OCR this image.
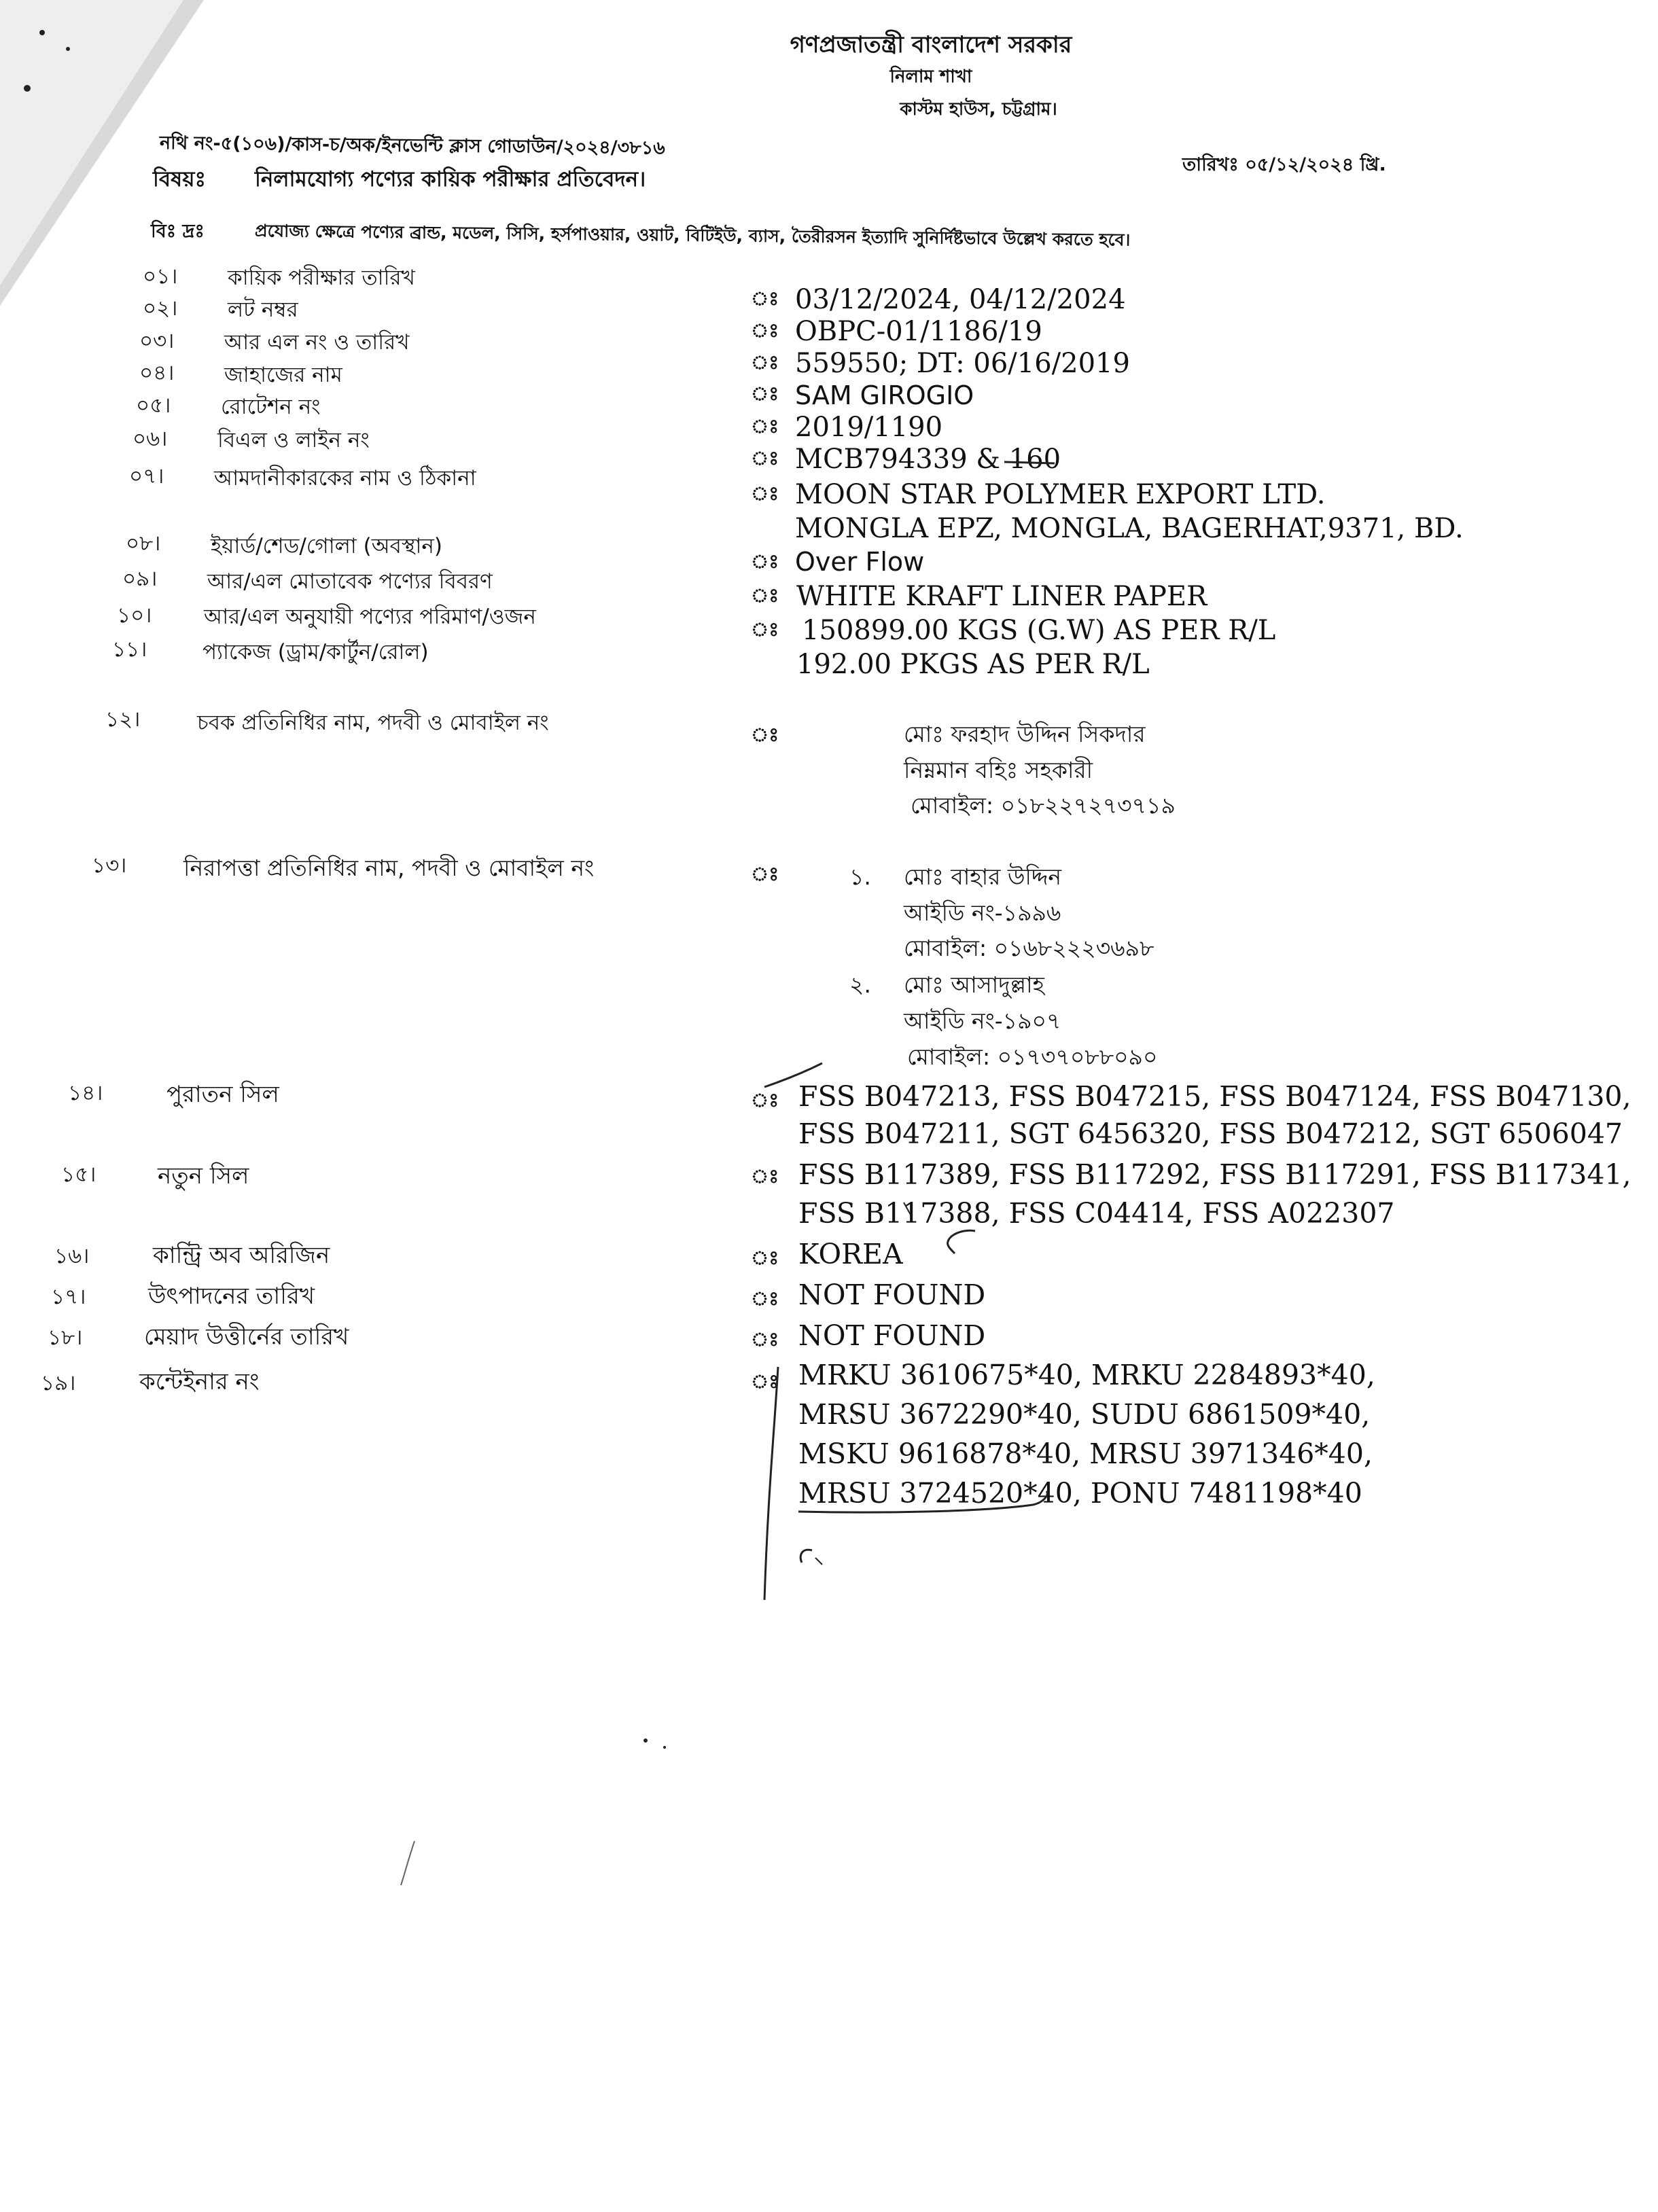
গণপ্রজাতন্ত্রী বাংলাদেশ সরকার
নিলাম শাখা
কাস্টম হাউস, চট্টগ্রাম।
নথি নং-৫(১০৬)/কাস-চ/অক/ইনভেন্টি ক্লাস গোডাউন/২০২৪/৩৮১৬
বিষয়ঃ নিলামযোগ্য পণ্যের কায়িক পরীক্ষার প্রতিবেদন।
তারিখঃ ০৫/১২/২০২৪ খ্রি.
বিঃ দ্রঃ	প্রযোজ্য ক্ষেত্রে পণ্যের ব্রান্ড, মডেল, সিসি, হর্সপাওয়ার, ওয়াট, বিটিইউ, ব্যাস, তৈরীরসন ইত্যাদি সুনির্দিষ্টভাবে উল্লেখ করতে হবে।
০১। কায়িক পরীক্ষার তারিখ
ঃ 03/12/2024, 04/12/2024
০২। লট নম্বর
ঃ OBPC-01/1186/19
০৩। আর এল নং ও তারিখ
ঃ 559550; DT: 06/16/2019
০৪। জাহাজের নাম
ঃ SAM GIROGIO
০৫। রোটেশন নং
ঃ 2019/1190
০৬। বিএল ও লাইন নং
ঃ MCB794339 & 160
০৭। আমদানীকারকের নাম ও ঠিকানা
ঃ MOON STAR POLYMER EXPORT LTD.
MONGLA EPZ, MONGLA, BAGERHAT,9371, BD.
০৮। ইয়ার্ড/শেড/গোলা (অবস্থান)
ঃ Over Flow
০৯। আর/এল মোতাবেক পণ্যের বিবরণ
ঃ WHITE KRAFT LINER PAPER
১০। আর/এল অনুযায়ী পণ্যের পরিমাণ/ওজন
ঃ 150899.00 KGS (G.W) AS PER R/L
১১।	প্যাকেজ (ড্রাম/কার্টুন/রোল)	192.00 PKGS AS PER R/L
১২।	চবক প্রতিনিধির নাম, পদবী ও মোবাইল নং	ঃ	মোঃ ফরহাদ উদ্দিন সিকদার
নিম্নমান বহিঃ সহকারী
মোবাইল: ০১৮২২৭২৭৩৭১৯
১৩।	নিরাপত্তা প্রতিনিধির নাম, পদবী ও মোবাইল নং	ঃ	১. মোঃ বাহার উদ্দিন
আইডি নং-১৯৯৬
মোবাইল: ০১৬৮২২২৩৬৯৮
২. মোঃ আসাদুল্লাহ
আইডি নং-১৯০৭
মোবাইল: ০১৭৩৭০৮৮০৯০
১৪।	পুরাতন সিল	ঃ FSS B047213, FSS B047215, FSS B047124, FSS B047130,
FSS B047211, SGT 6456320, FSS B047212, SGT 6506047
১৫।	নতুন সিল	ঃ FSS B117389, FSS B117292, FSS B117291, FSS B117341,
FSS B117388, FSS C04414, FSS A022307
১৬।	কান্ট্রি অব অরিজিন	ঃ KOREA
১৭।	উৎপাদনের তারিখ	ঃ NOT FOUND
১৮।	মেয়াদ উত্তীর্নের তারিখ	ঃ NOT FOUND
১৯।	কন্টেইনার নং	ঃ MRKU 3610675*40, MRKU 2284893*40,
MRSU 3672290*40, SUDU 6861509*40,
MSKU 9616878*40, MRSU 3971346*40,
MRSU 3724520*40, PONU 7481198*40
